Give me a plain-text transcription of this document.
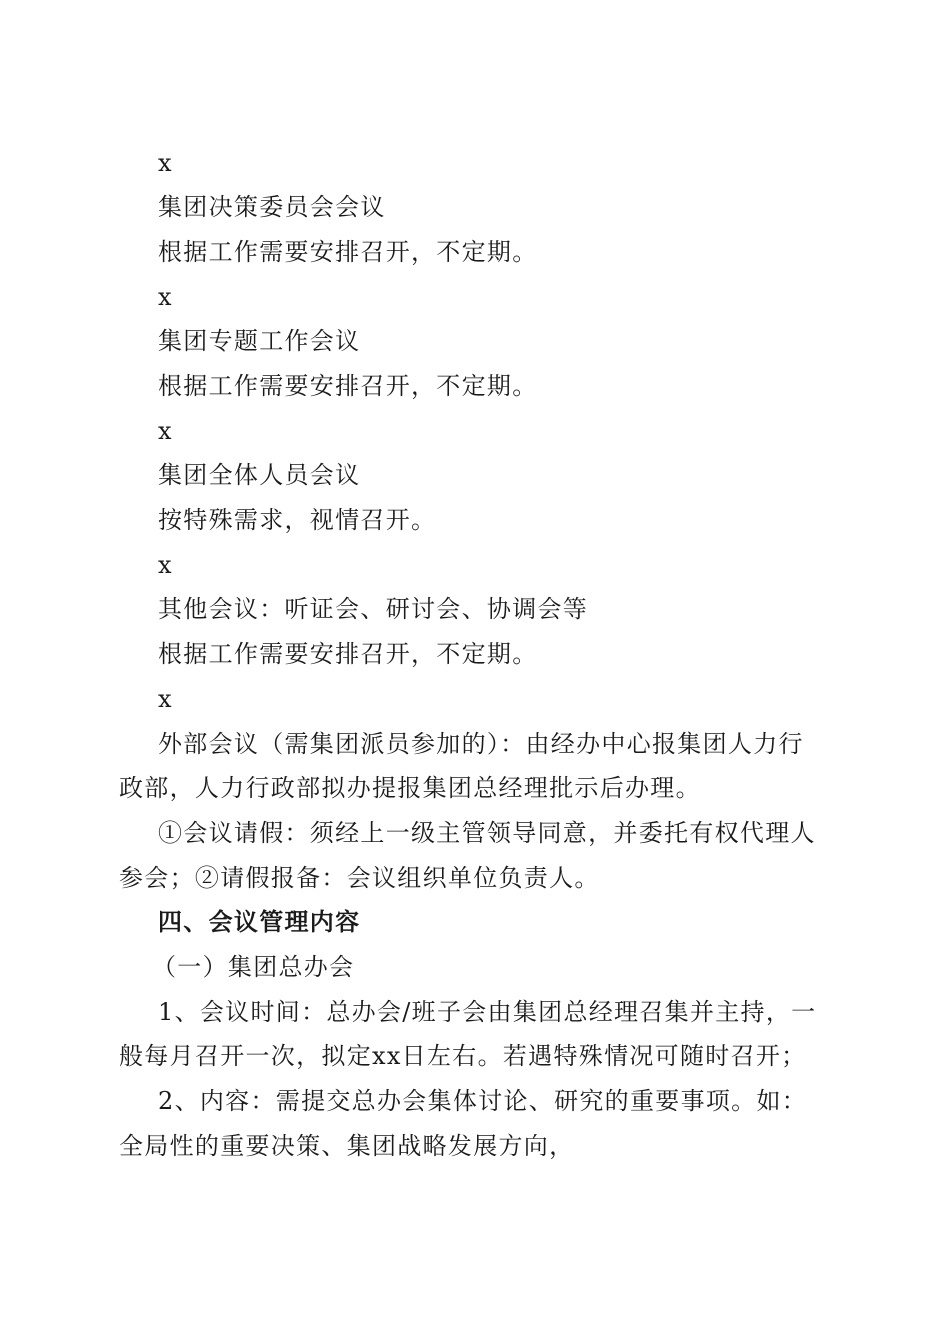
x
集团决策委员会会议
根据工作需要安排召开，不定期。
x
集团专题工作会议
根据工作需要安排召开，不定期。
x
集团全体人员会议
按特殊需求，视情召开。
x
其他会议：听证会、研讨会、协调会等
根据工作需要安排召开，不定期。
x
外部会议（需集团派员参加的）：由经办中心报集团人力行
政部，人力行政部拟办提报集团总经理批示后办理。
①会议请假：须经上一级主管领导同意，并委托有权代理人
参会；②请假报备：会议组织单位负责人。
四、会议管理内容
（一）集团总办会
1、会议时间：总办会/班子会由集团总经理召集并主持，一
般每月召开一次，拟定xx日左右。若遇特殊情况可随时召开；
2、内容：需提交总办会集体讨论、研究的重要事项。如：
全局性的重要决策、集团战略发展方向，
